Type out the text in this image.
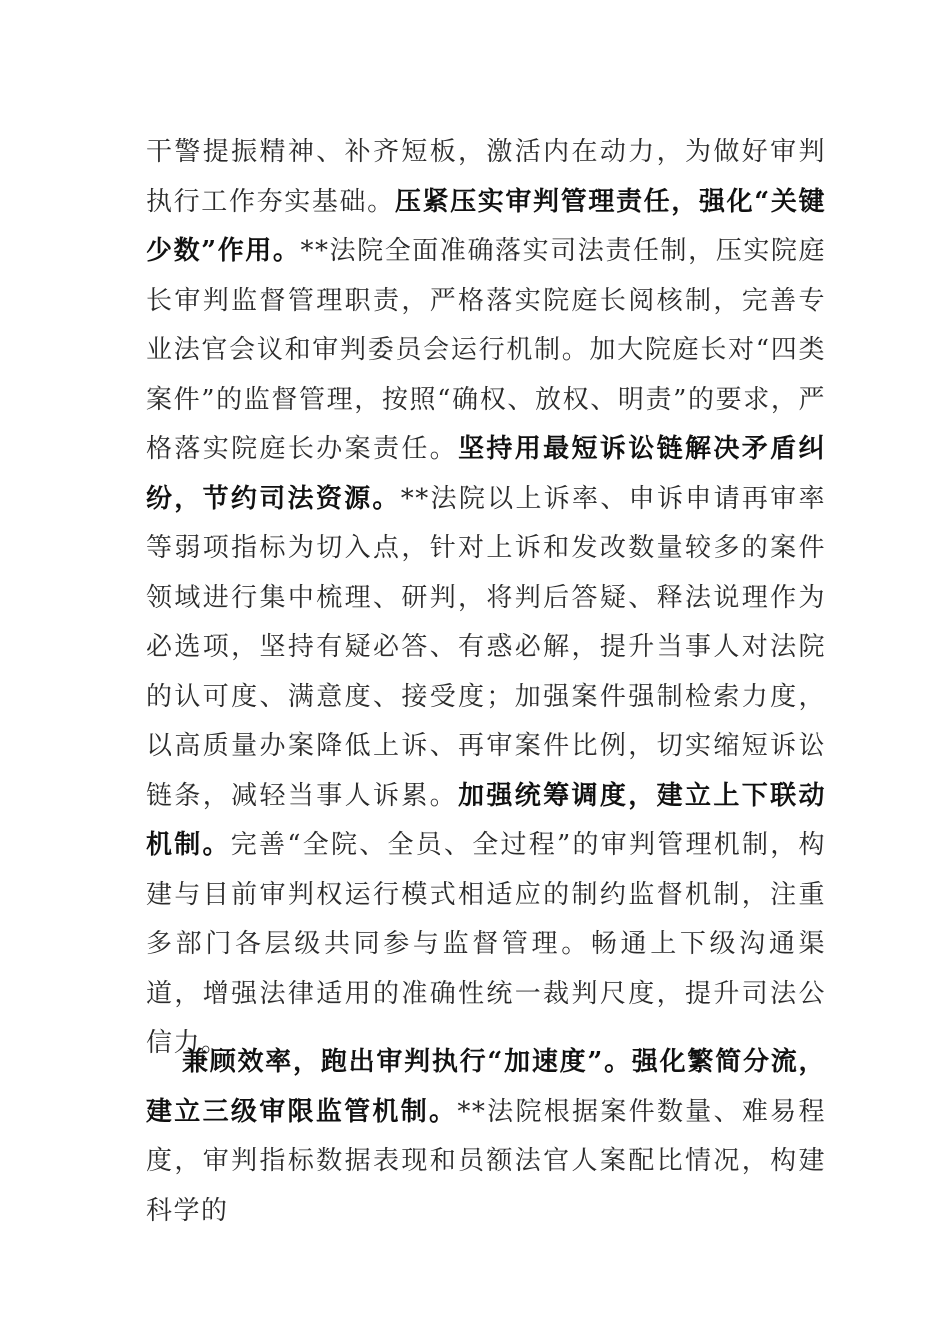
干警提振精神、补齐短板，激活内在动力，为做好审判执行工作夯实基础。压紧压实审判管理责任，强化“关键少数”作用。**法院全面准确落实司法责任制，压实院庭长审判监督管理职责，严格落实院庭长阅核制，完善专业法官会议和审判委员会运行机制。加大院庭长对“四类案件”的监督管理，按照“确权、放权、明责”的要求，严格落实院庭长办案责任。坚持用最短诉讼链解决矛盾纠纷，节约司法资源。**法院以上诉率、申诉申请再审率等弱项指标为切入点，针对上诉和发改数量较多的案件领域进行集中梳理、研判，将判后答疑、释法说理作为必选项，坚持有疑必答、有惑必解，提升当事人对法院的认可度、满意度、接受度；加强案件强制检索力度，以高质量办案降低上诉、再审案件比例，切实缩短诉讼链条，减轻当事人诉累。加强统筹调度，建立上下联动机制。完善“全院、全员、全过程”的审判管理机制，构建与目前审判权运行模式相适应的制约监督机制，注重多部门各层级共同参与监督管理。畅通上下级沟通渠道，增强法律适用的准确性统一裁判尺度，提升司法公信力。

兼顾效率，跑出审判执行“加速度”。强化繁简分流，建立三级审限监管机制。**法院根据案件数量、难易程度，审判指标数据表现和员额法官人案配比情况，构建科学的
